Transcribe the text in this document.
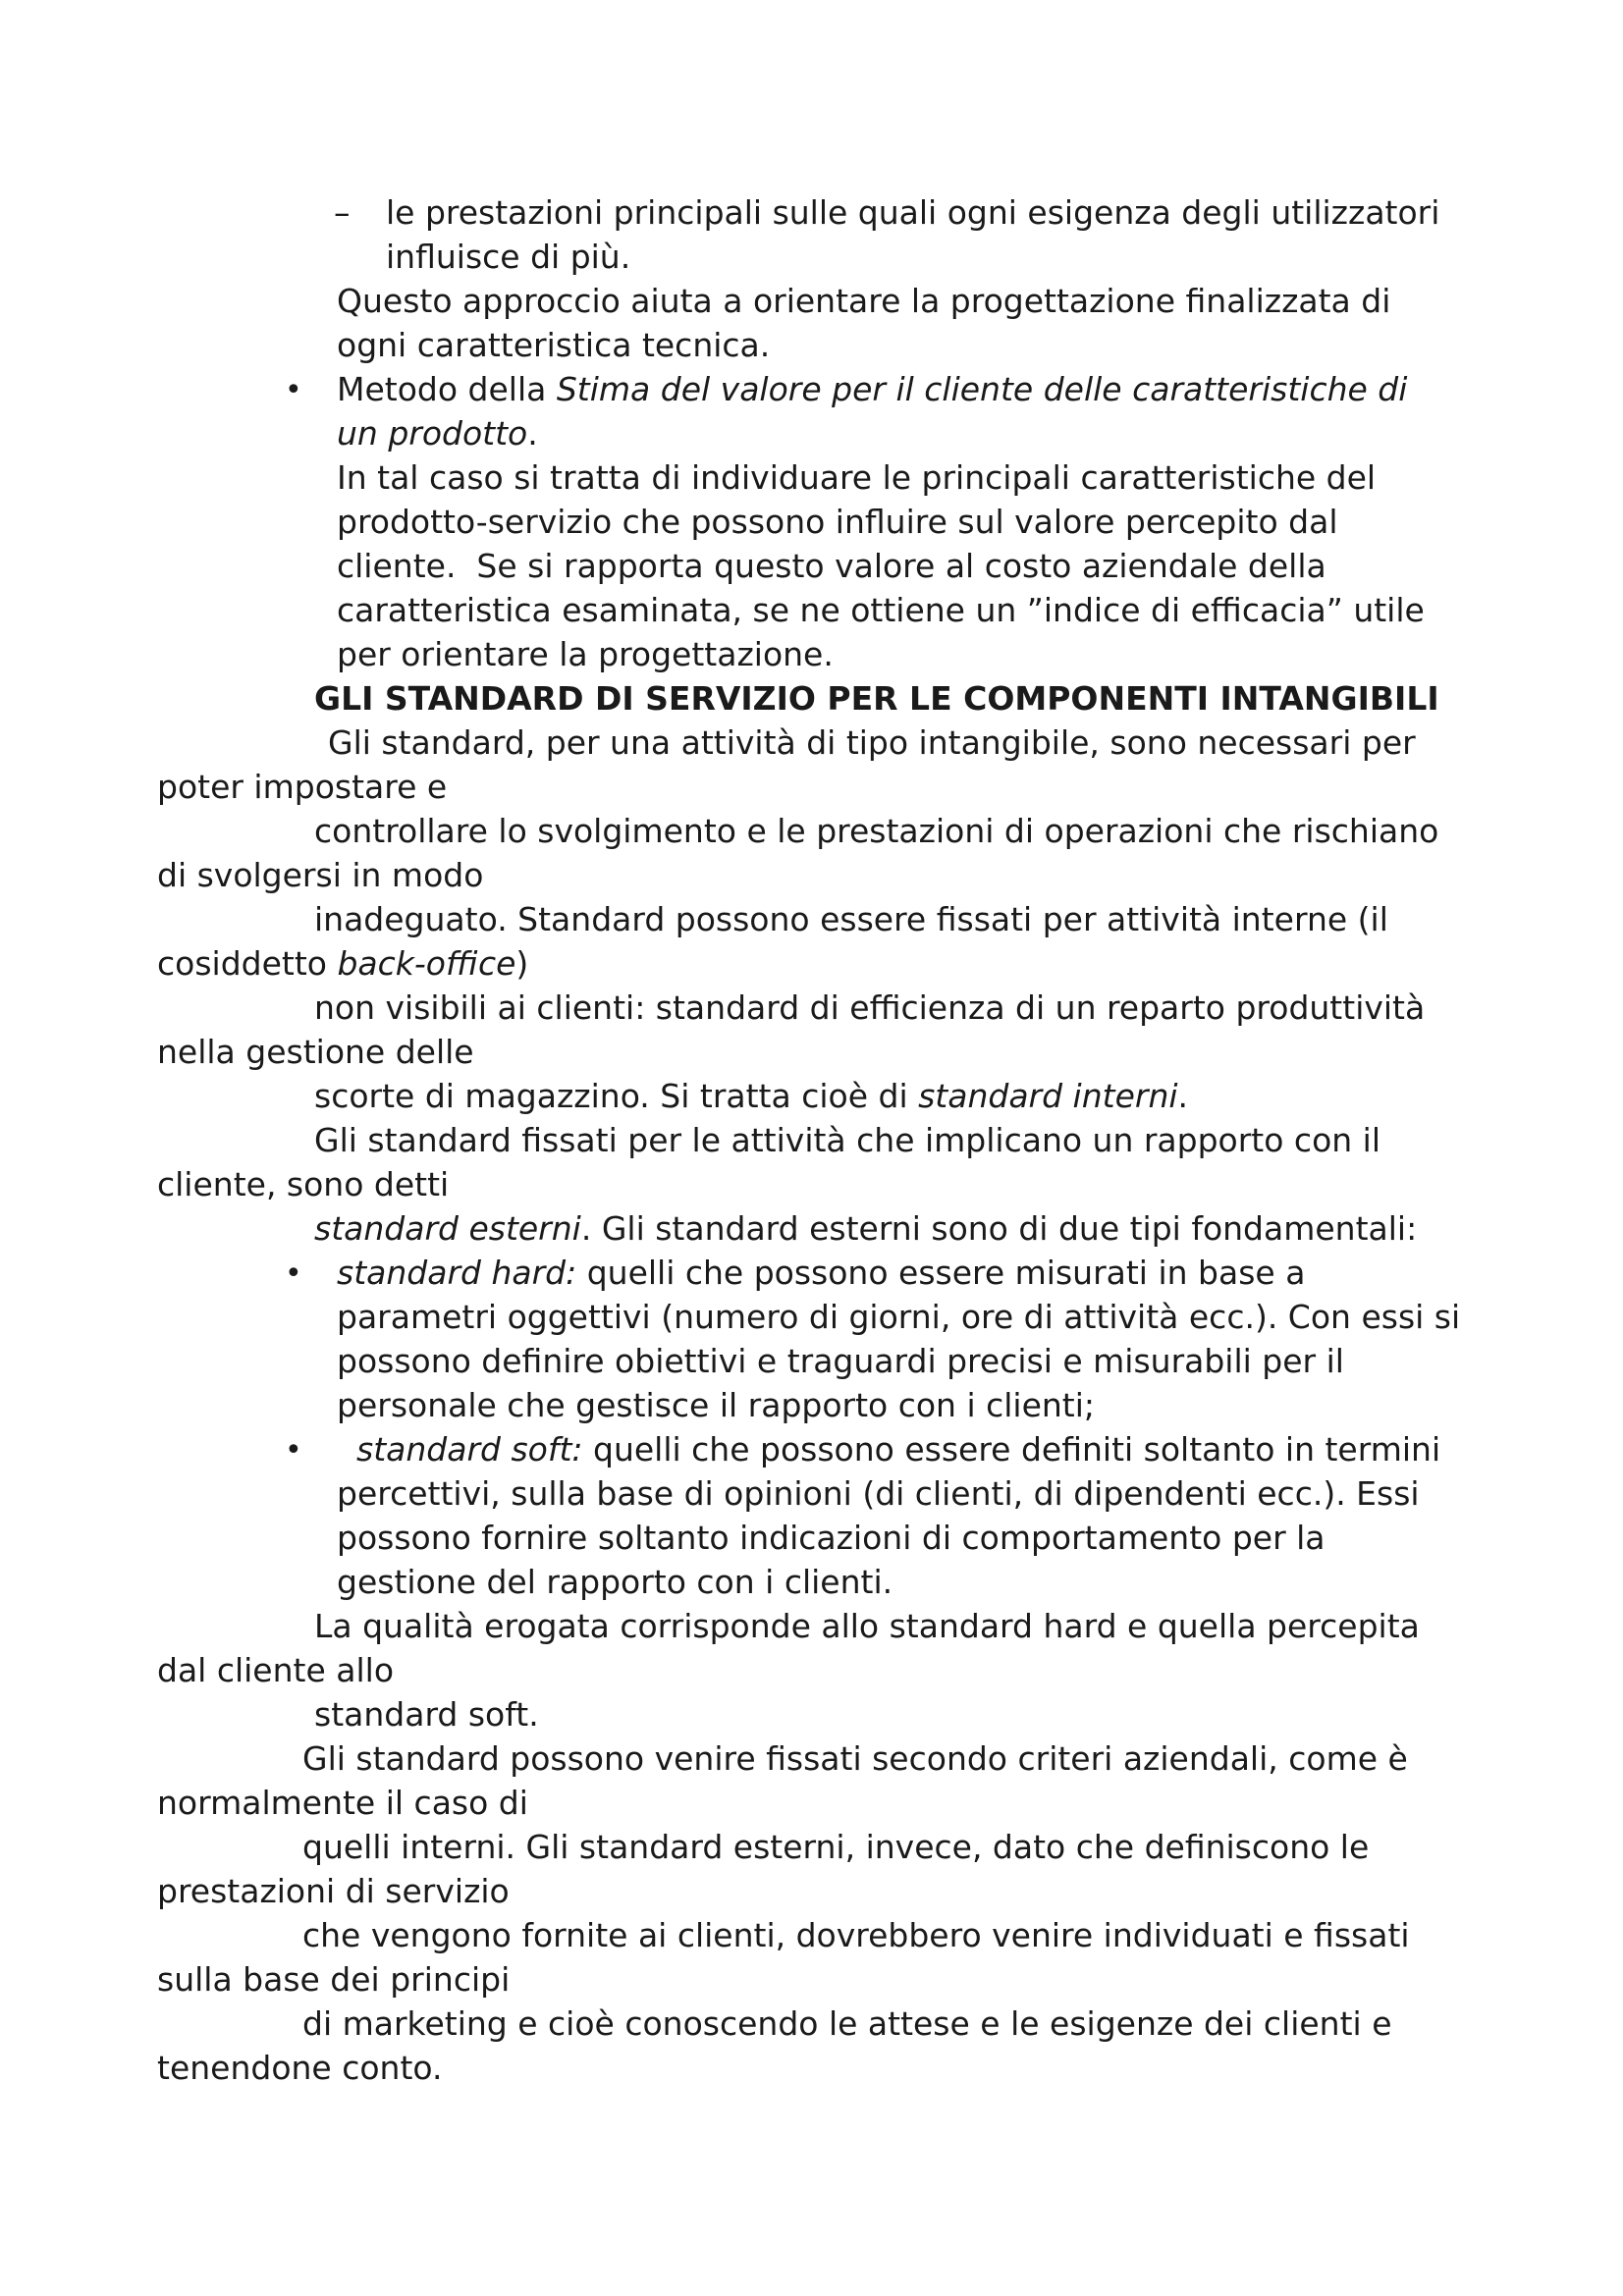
– le prestazioni principali sulle quali ogni esigenza degli utilizzatori
influisce di più.
Questo approccio aiuta a orientare la progettazione finalizzata di
ogni caratteristica tecnica.
• Metodo della Stima del valore per il cliente delle caratteristiche di
un prodotto.
In tal caso si tratta di individuare le principali caratteristiche del
prodotto-servizio che possono influire sul valore percepito dal
cliente.  Se si rapporta questo valore al costo aziendale della
caratteristica esaminata, se ne ottiene un ”indice di efficacia” utile
per orientare la progettazione.
GLI STANDARD DI SERVIZIO PER LE COMPONENTI INTANGIBILI
Gli standard, per una attività di tipo intangibile, sono necessari per
poter impostare e
controllare lo svolgimento e le prestazioni di operazioni che rischiano
di svolgersi in modo
inadeguato. Standard possono essere fissati per attività interne (il
cosiddetto back-office)
non visibili ai clienti: standard di efficienza di un reparto produttività
nella gestione delle
scorte di magazzino. Si tratta cioè di standard interni.
Gli standard fissati per le attività che implicano un rapporto con il
cliente, sono detti
standard esterni. Gli standard esterni sono di due tipi fondamentali:
• standard hard: quelli che possono essere misurati in base a
parametri oggettivi (numero di giorni, ore di attività ecc.). Con essi si
possono definire obiettivi e traguardi precisi e misurabili per il
personale che gestisce il rapporto con i clienti;
• standard soft: quelli che possono essere definiti soltanto in termini
percettivi, sulla base di opinioni (di clienti, di dipendenti ecc.). Essi
possono fornire soltanto indicazioni di comportamento per la
gestione del rapporto con i clienti.
La qualità erogata corrisponde allo standard hard e quella percepita
dal cliente allo
standard soft.
Gli standard possono venire fissati secondo criteri aziendali, come è
normalmente il caso di
quelli interni. Gli standard esterni, invece, dato che definiscono le
prestazioni di servizio
che vengono fornite ai clienti, dovrebbero venire individuati e fissati
sulla base dei principi
di marketing e cioè conoscendo le attese e le esigenze dei clienti e
tenendone conto.
